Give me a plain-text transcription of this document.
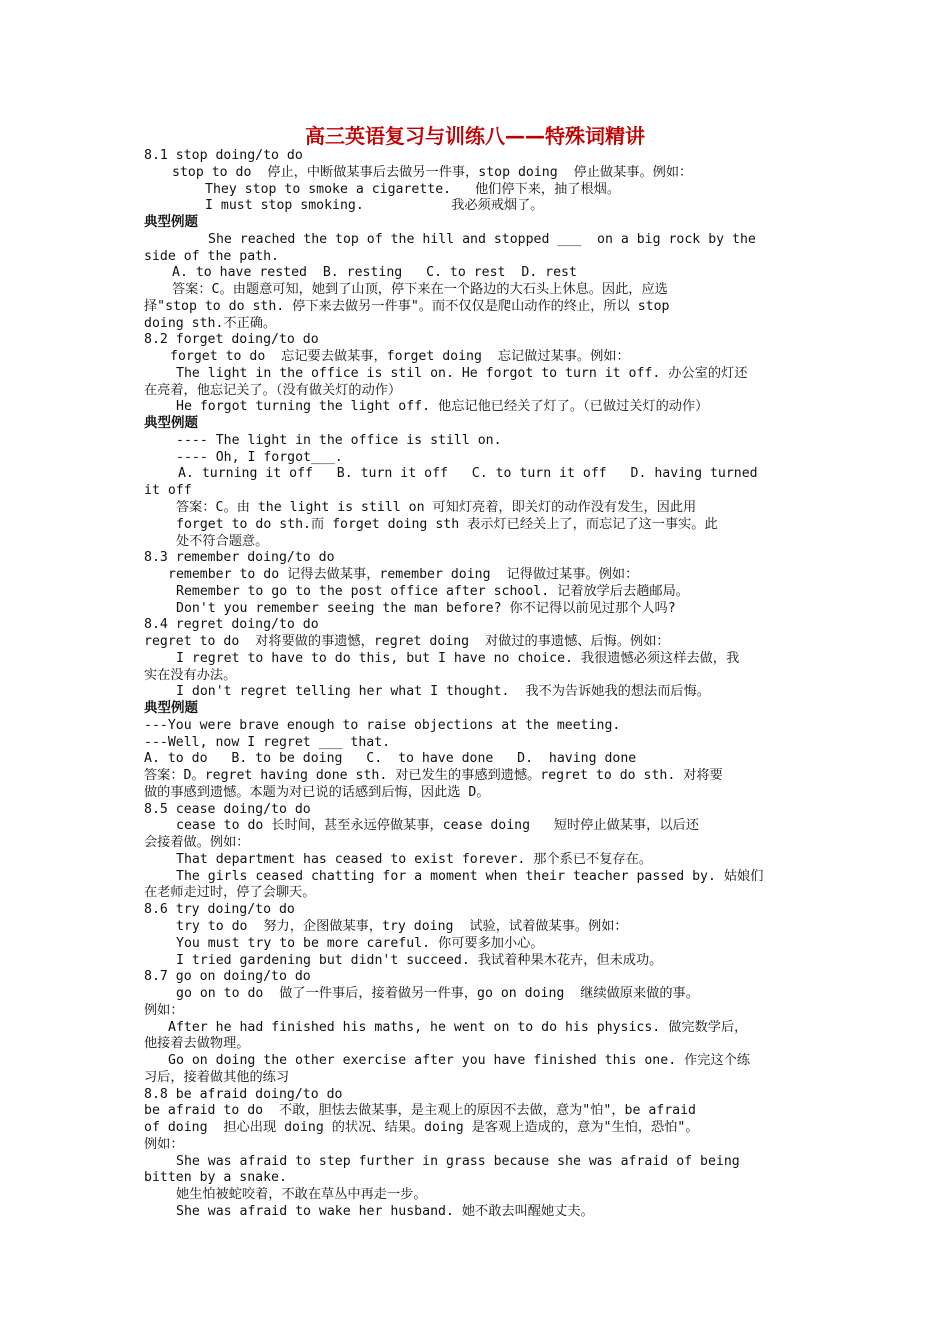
高三英语复习与训练八——特殊词精讲
8.1 stop doing/to do
stop to do  停止，中断做某事后去做另一件事，stop doing  停止做某事。例如：
They stop to smoke a cigarette.   他们停下来，抽了根烟。
I must stop smoking.           我必须戒烟了。
典型例题
She reached the top of the hill and stopped ___  on a big rock by the
side of the path.
A. to have rested  B. resting   C. to rest  D. rest
答案：C。由题意可知，她到了山顶，停下来在一个路边的大石头上休息。因此，应选
择"stop to do sth. 停下来去做另一件事"。而不仅仅是爬山动作的终止，所以 stop
doing sth.不正确。
8.2 forget doing/to do
forget to do  忘记要去做某事，forget doing  忘记做过某事。例如：
The light in the office is stil on. He forgot to turn it off. 办公室的灯还
在亮着，他忘记关了。（没有做关灯的动作）
He forgot turning the light off. 他忘记他已经关了灯了。（已做过关灯的动作）
典型例题
---- The light in the office is still on.
---- Oh, I forgot___.
A. turning it off   B. turn it off   C. to turn it off   D. having turned
it off
答案：C。由 the light is still on 可知灯亮着，即关灯的动作没有发生，因此用
forget to do sth.而 forget doing sth 表示灯已经关上了，而忘记了这一事实。此
处不符合题意。
8.3 remember doing/to do
remember to do 记得去做某事，remember doing  记得做过某事。例如：
Remember to go to the post office after school. 记着放学后去趟邮局。
Don't you remember seeing the man before? 你不记得以前见过那个人吗?
8.4 regret doing/to do
regret to do  对将要做的事遗憾，regret doing  对做过的事遗憾、后悔。例如：
I regret to have to do this, but I have no choice. 我很遗憾必须这样去做，我
实在没有办法。
I don't regret telling her what I thought.  我不为告诉她我的想法而后悔。
典型例题
---You were brave enough to raise objections at the meeting.
---Well, now I regret ___ that.
A. to do   B. to be doing   C.  to have done   D.  having done
答案：D。regret having done sth. 对已发生的事感到遗憾。regret to do sth. 对将要
做的事感到遗憾。本题为对已说的话感到后悔，因此选 D。
8.5 cease doing/to do
cease to do 长时间，甚至永远停做某事，cease doing   短时停止做某事，以后还
会接着做。例如：
That department has ceased to exist forever. 那个系已不复存在。
The girls ceased chatting for a moment when their teacher passed by. 姑娘们
在老师走过时，停了会聊天。
8.6 try doing/to do
try to do  努力，企图做某事，try doing  试验，试着做某事。例如：
You must try to be more careful. 你可要多加小心。
I tried gardening but didn't succeed. 我试着种果木花卉，但未成功。
8.7 go on doing/to do
go on to do  做了一件事后，接着做另一件事，go on doing  继续做原来做的事。
例如：
After he had finished his maths, he went on to do his physics. 做完数学后，
他接着去做物理。
Go on doing the other exercise after you have finished this one. 作完这个练
习后，接着做其他的练习
8.8 be afraid doing/to do
be afraid to do  不敢，胆怯去做某事，是主观上的原因不去做，意为"怕"，be afraid
of doing  担心出现 doing 的状况、结果。doing 是客观上造成的，意为"生怕，恐怕"。
例如：
She was afraid to step further in grass because she was afraid of being
bitten by a snake.
她生怕被蛇咬着，不敢在草丛中再走一步。
She was afraid to wake her husband. 她不敢去叫醒她丈夫。
